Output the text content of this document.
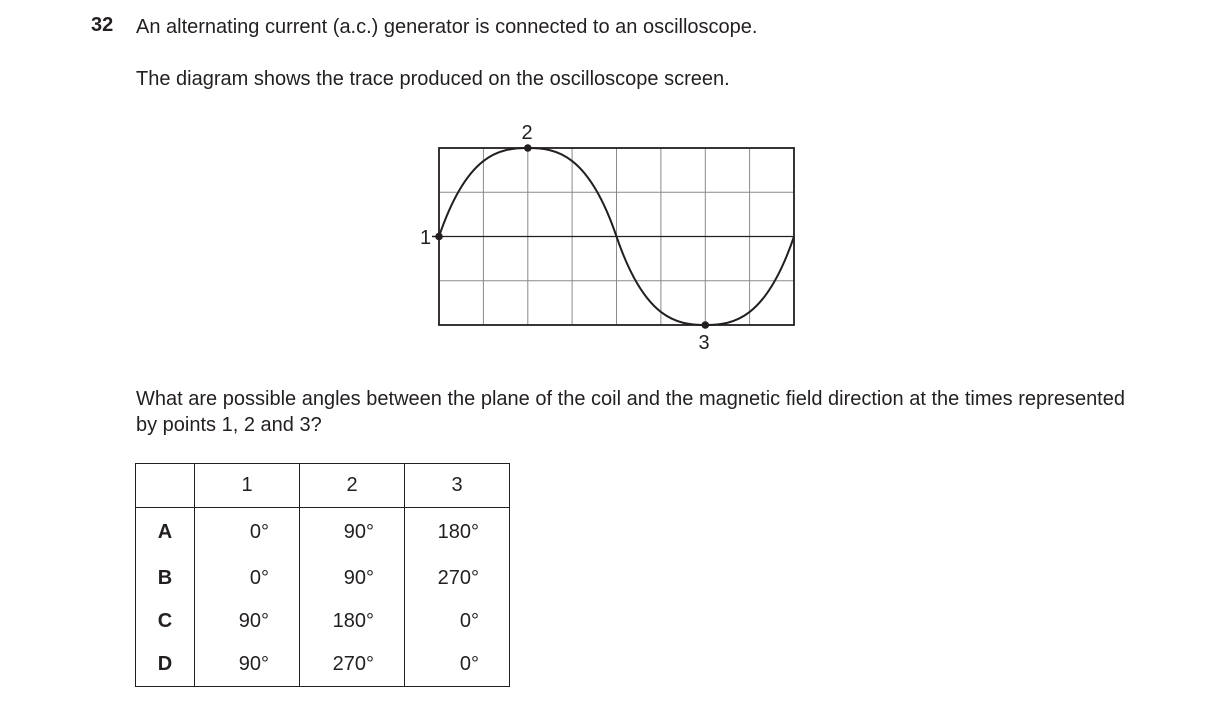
32 An alternating current (a.c.) generator is connected to an oscilloscope.
The diagram shows the trace produced on the oscilloscope screen.
1
2
3
What are possible angles between the plane of the coil and the magnetic field direction at the times represented by points 1, 2 and 3?
	1	2	3
A	0°	90°	180°
B	0°	90°	270°
C	90°	180°	0°
D	90°	270°	0°
